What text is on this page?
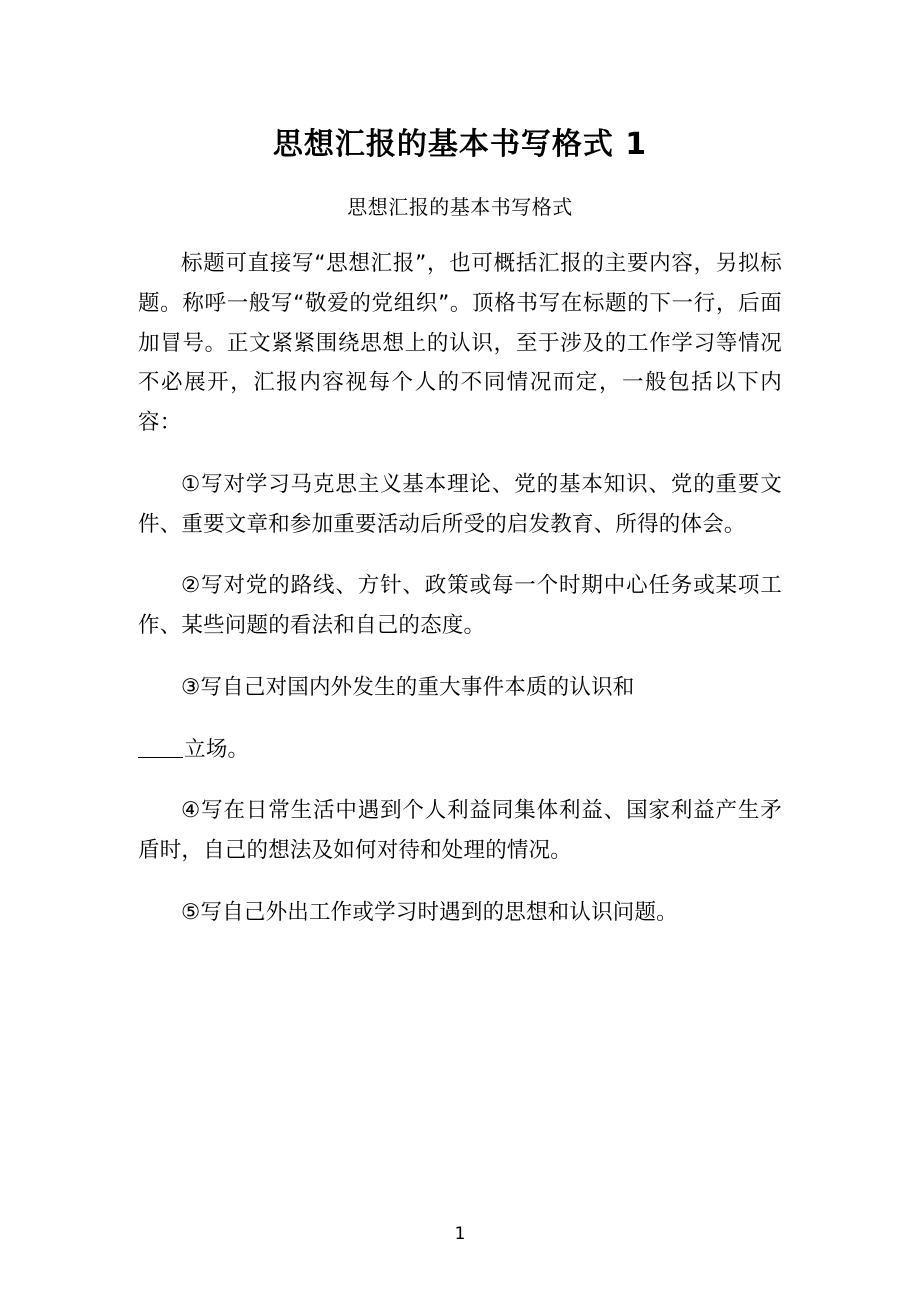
思想汇报的基本书写格式 1
思想汇报的基本书写格式

标题可直接写“思想汇报”，也可概括汇报的主要内容，另拟标题。称呼一般写“敬爱的党组织”。顶格书写在标题的下一行，后面加冒号。正文紧紧围绕思想上的认识，至于涉及的工作学习等情况不必展开，汇报内容视每个人的不同情况而定，一般包括以下内容：

①写对学习马克思主义基本理论、党的基本知识、党的重要文件、重要文章和参加重要活动后所受的启发教育、所得的体会。

②写对党的路线、方针、政策或每一个时期中心任务或某项工作、某些问题的看法和自己的态度。

③写自己对国内外发生的重大事件本质的认识和

立场。

④写在日常生活中遇到个人利益同集体利益、国家利益产生矛盾时，自己的想法及如何对待和处理的情况。

⑤写自己外出工作或学习时遇到的思想和认识问题。

1
